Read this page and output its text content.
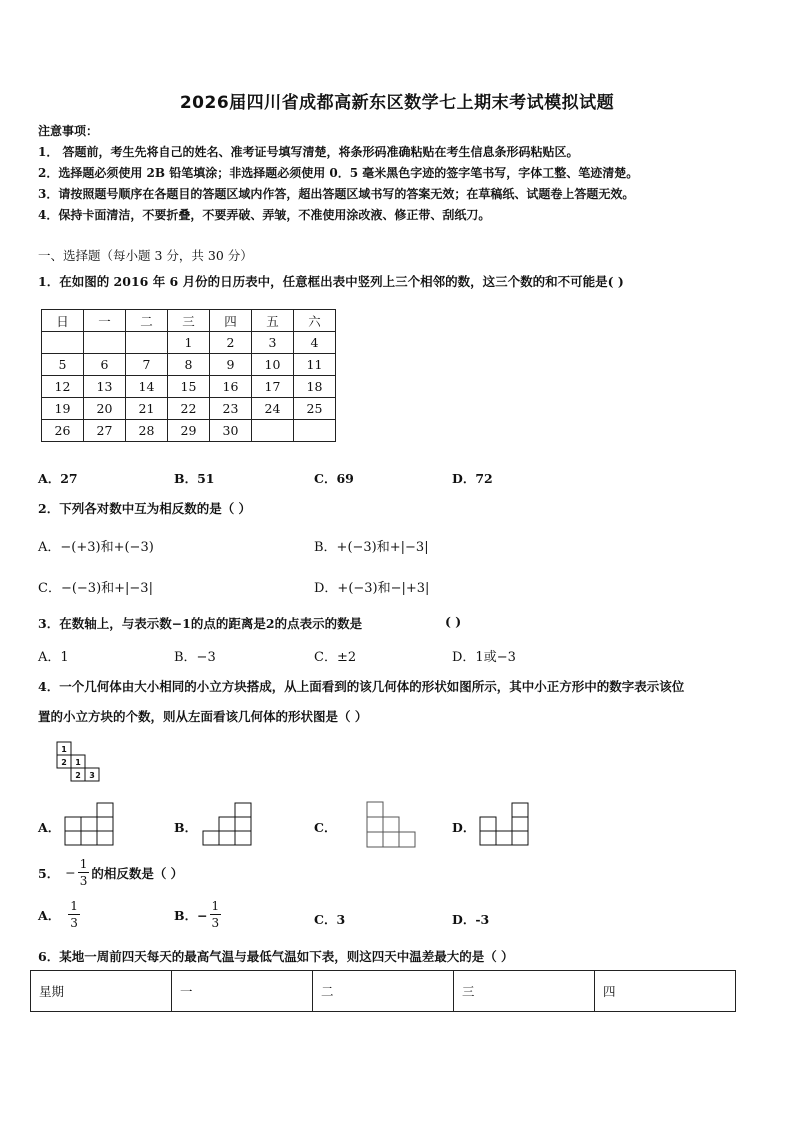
2026届四川省成都高新东区数学七上期末考试模拟试题
注意事项：
1． 答题前，考生先将自己的姓名、准考证号填写清楚，将条形码准确粘贴在考生信息条形码粘贴区。
2．选择题必须使用 2B 铅笔填涂；非选择题必须使用 0．5 毫米黑色字迹的签字笔书写，字体工整、笔迹清楚。
3．请按照题号顺序在各题目的答题区域内作答，超出答题区域书写的答案无效；在草稿纸、试题卷上答题无效。
4．保持卡面清洁，不要折叠，不要弄破、弄皱，不准使用涂改液、修正带、刮纸刀。
一、选择题（每小题 3 分，共 30 分）
1．在如图的 2016 年 6 月份的日历表中，任意框出表中竖列上三个相邻的数，这三个数的和不可能是( )
日	一	二	三	四	五	六
			1	2	3	4
5	6	7	8	9	10	11
12	13	14	15	16	17	18
19	20	21	22	23	24	25
26	27	28	29	30		
A．27	B．51	C．69	D．72
2．下列各对数中互为相反数的是（ ）
A．−(+3)和+(−3)	B．+(−3)和+|−3|
C．−(−3)和+|−3|	D．+(−3)和−|+3|
3．在数轴上，与表示数−1的点的距离是2的点表示的数是	( )
A．1	B．−3	C．±2	D．1或−3
4．一个几何体由大小相同的小立方块搭成，从上面看到的该几何体的形状如图所示，其中小正方形中的数字表示该位
置的小立方块的个数，则从左面看该几何体的形状图是（ ）
1
2 1
2 3
A．	B．	C．	D．
5． − $\frac{1}{3}$ 的相反数是（ ）
A． $\frac{1}{3}$	B．− $\frac{1}{3}$	C．3	D．-3
6．某地一周前四天每天的最高气温与最低气温如下表，则这四天中温差最大的是（ ）
星期	一	二	三	四
